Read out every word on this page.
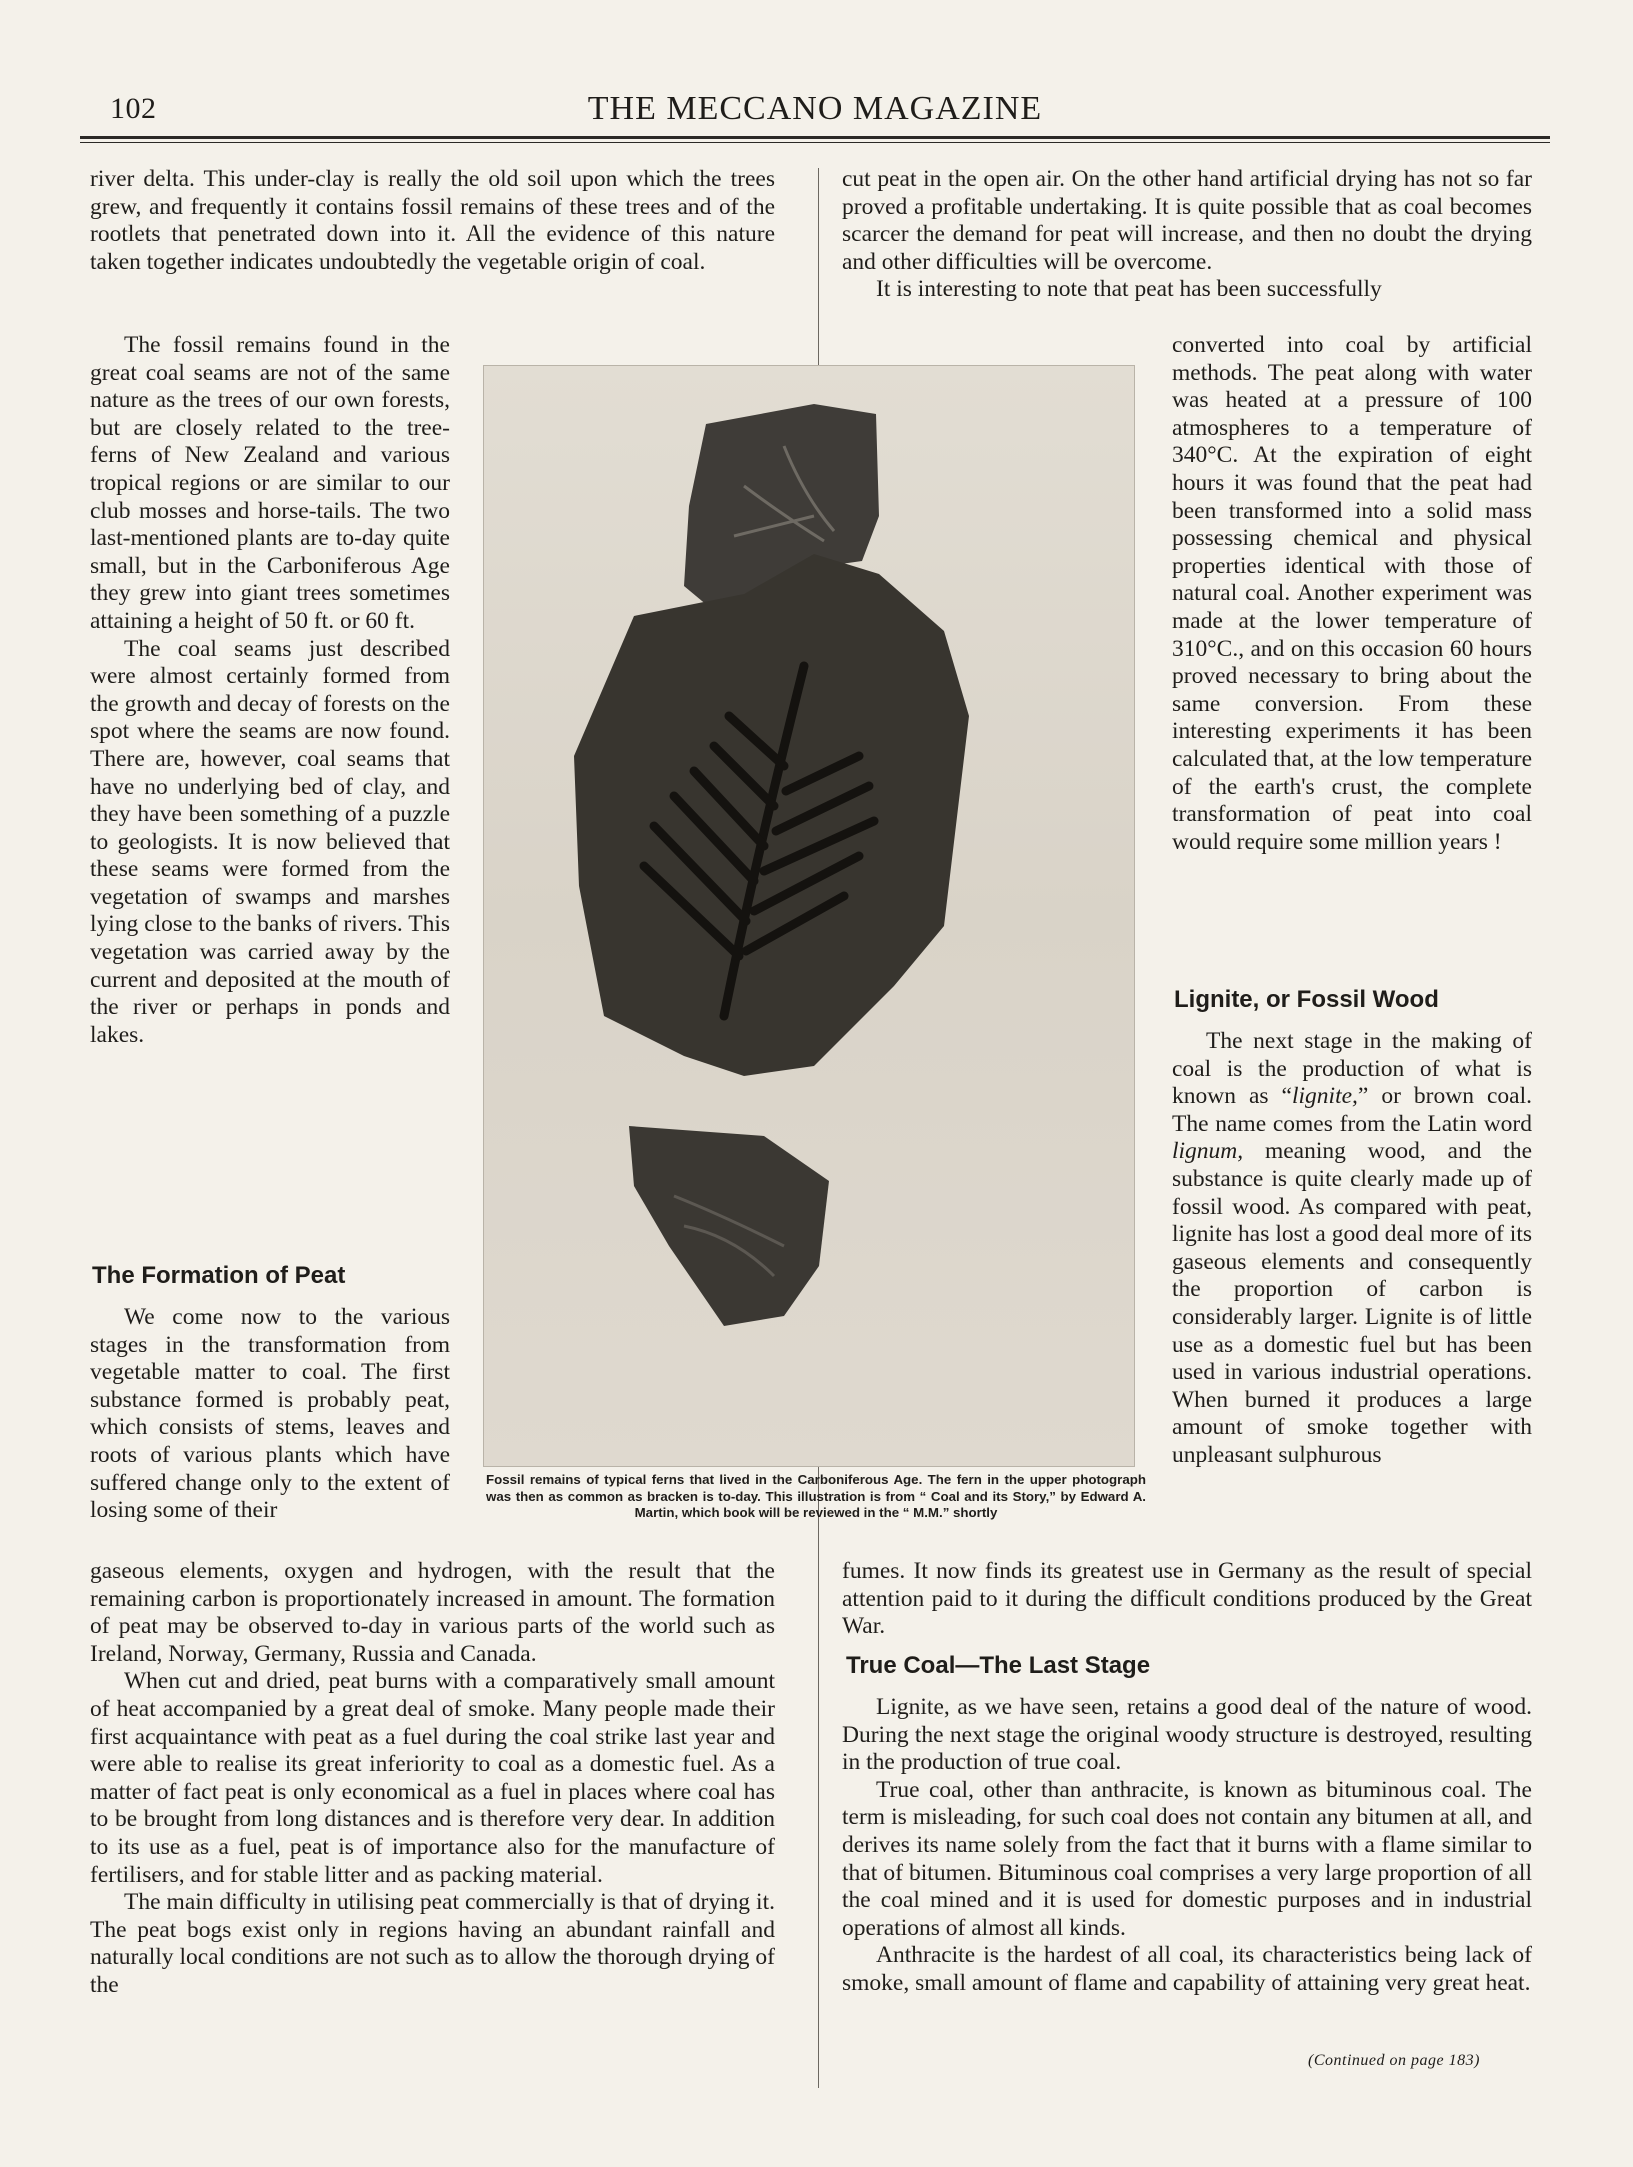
102	THE MECCANO MAGAZINE

river delta. This under-clay is really the old soil upon which the trees grew, and frequently it contains fossil remains of these trees and of the rootlets that penetrated down into it. All the evidence of this nature taken together indicates undoubtedly the vegetable origin of coal.

The fossil remains found in the great coal seams are not of the same nature as the trees of our own forests, but are closely related to the tree-ferns of New Zealand and various tropical regions or are similar to our club mosses and horse-tails. The two last-mentioned plants are to-day quite small, but in the Carboniferous Age they grew into giant trees sometimes attaining a height of 50 ft. or 60 ft.

The coal seams just described were almost certainly formed from the growth and decay of forests on the spot where the seams are now found. There are, however, coal seams that have no underlying bed of clay, and they have been something of a puzzle to geologists. It is now believed that these seams were formed from the vegetation of swamps and marshes lying close to the banks of rivers. This vegetation was carried away by the current and deposited at the mouth of the river or perhaps in ponds and lakes.

The Formation of Peat

We come now to the various stages in the transformation from vegetable matter to coal. The first substance formed is probably peat, which consists of stems, leaves and roots of various plants which have suffered change only to the extent of losing some of their

gaseous elements, oxygen and hydrogen, with the result that the remaining carbon is proportionately increased in amount. The formation of peat may be observed to-day in various parts of the world such as Ireland, Norway, Germany, Russia and Canada.

When cut and dried, peat burns with a comparatively small amount of heat accompanied by a great deal of smoke. Many people made their first acquaintance with peat as a fuel during the coal strike last year and were able to realise its great inferiority to coal as a domestic fuel. As a matter of fact peat is only economical as a fuel in places where coal has to be brought from long distances and is therefore very dear. In addition to its use as a fuel, peat is of importance also for the manufacture of fertilisers, and for stable litter and as packing material.

The main difficulty in utilising peat commercially is that of drying it. The peat bogs exist only in regions having an abundant rainfall and naturally local conditions are not such as to allow the thorough drying of the

cut peat in the open air. On the other hand artificial drying has not so far proved a profitable undertaking. It is quite possible that as coal becomes scarcer the demand for peat will increase, and then no doubt the drying and other difficulties will be overcome.

It is interesting to note that peat has been successfully

converted into coal by artificial methods. The peat along with water was heated at a pressure of 100 atmospheres to a temperature of 340°C. At the expiration of eight hours it was found that the peat had been transformed into a solid mass possessing chemical and physical properties identical with those of natural coal. Another experiment was made at the lower temperature of 310°C., and on this occasion 60 hours proved necessary to bring about the same conversion. From these interesting experiments it has been calculated that, at the low temperature of the earth's crust, the complete transformation of peat into coal would require some million years !

Lignite, or Fossil Wood

The next stage in the making of coal is the production of what is known as “lignite,” or brown coal. The name comes from the Latin word lignum, meaning wood, and the substance is quite clearly made up of fossil wood. As compared with peat, lignite has lost a good deal more of its gaseous elements and consequently the proportion of carbon is considerably larger. Lignite is of little use as a domestic fuel but has been used in various industrial operations. When burned it produces a large amount of smoke together with unpleasant sulphurous

fumes. It now finds its greatest use in Germany as the result of special attention paid to it during the difficult conditions produced by the Great War.

True Coal—The Last Stage

Lignite, as we have seen, retains a good deal of the nature of wood. During the next stage the original woody structure is destroyed, resulting in the production of true coal.

True coal, other than anthracite, is known as bituminous coal. The term is misleading, for such coal does not contain any bitumen at all, and derives its name solely from the fact that it burns with a flame similar to that of bitumen. Bituminous coal comprises a very large proportion of all the coal mined and it is used for domestic purposes and in industrial operations of almost all kinds.

Anthracite is the hardest of all coal, its characteristics being lack of smoke, small amount of flame and capability of attaining very great heat.

(Continued on page 183)
Fossil remains of typical ferns that lived in the Carboniferous Age. The fern in the upper photograph was then as common as bracken is to-day. This illustration is from “ Coal and its Story,” by Edward A. Martin, which book will be reviewed in the “ M.M.” shortly
